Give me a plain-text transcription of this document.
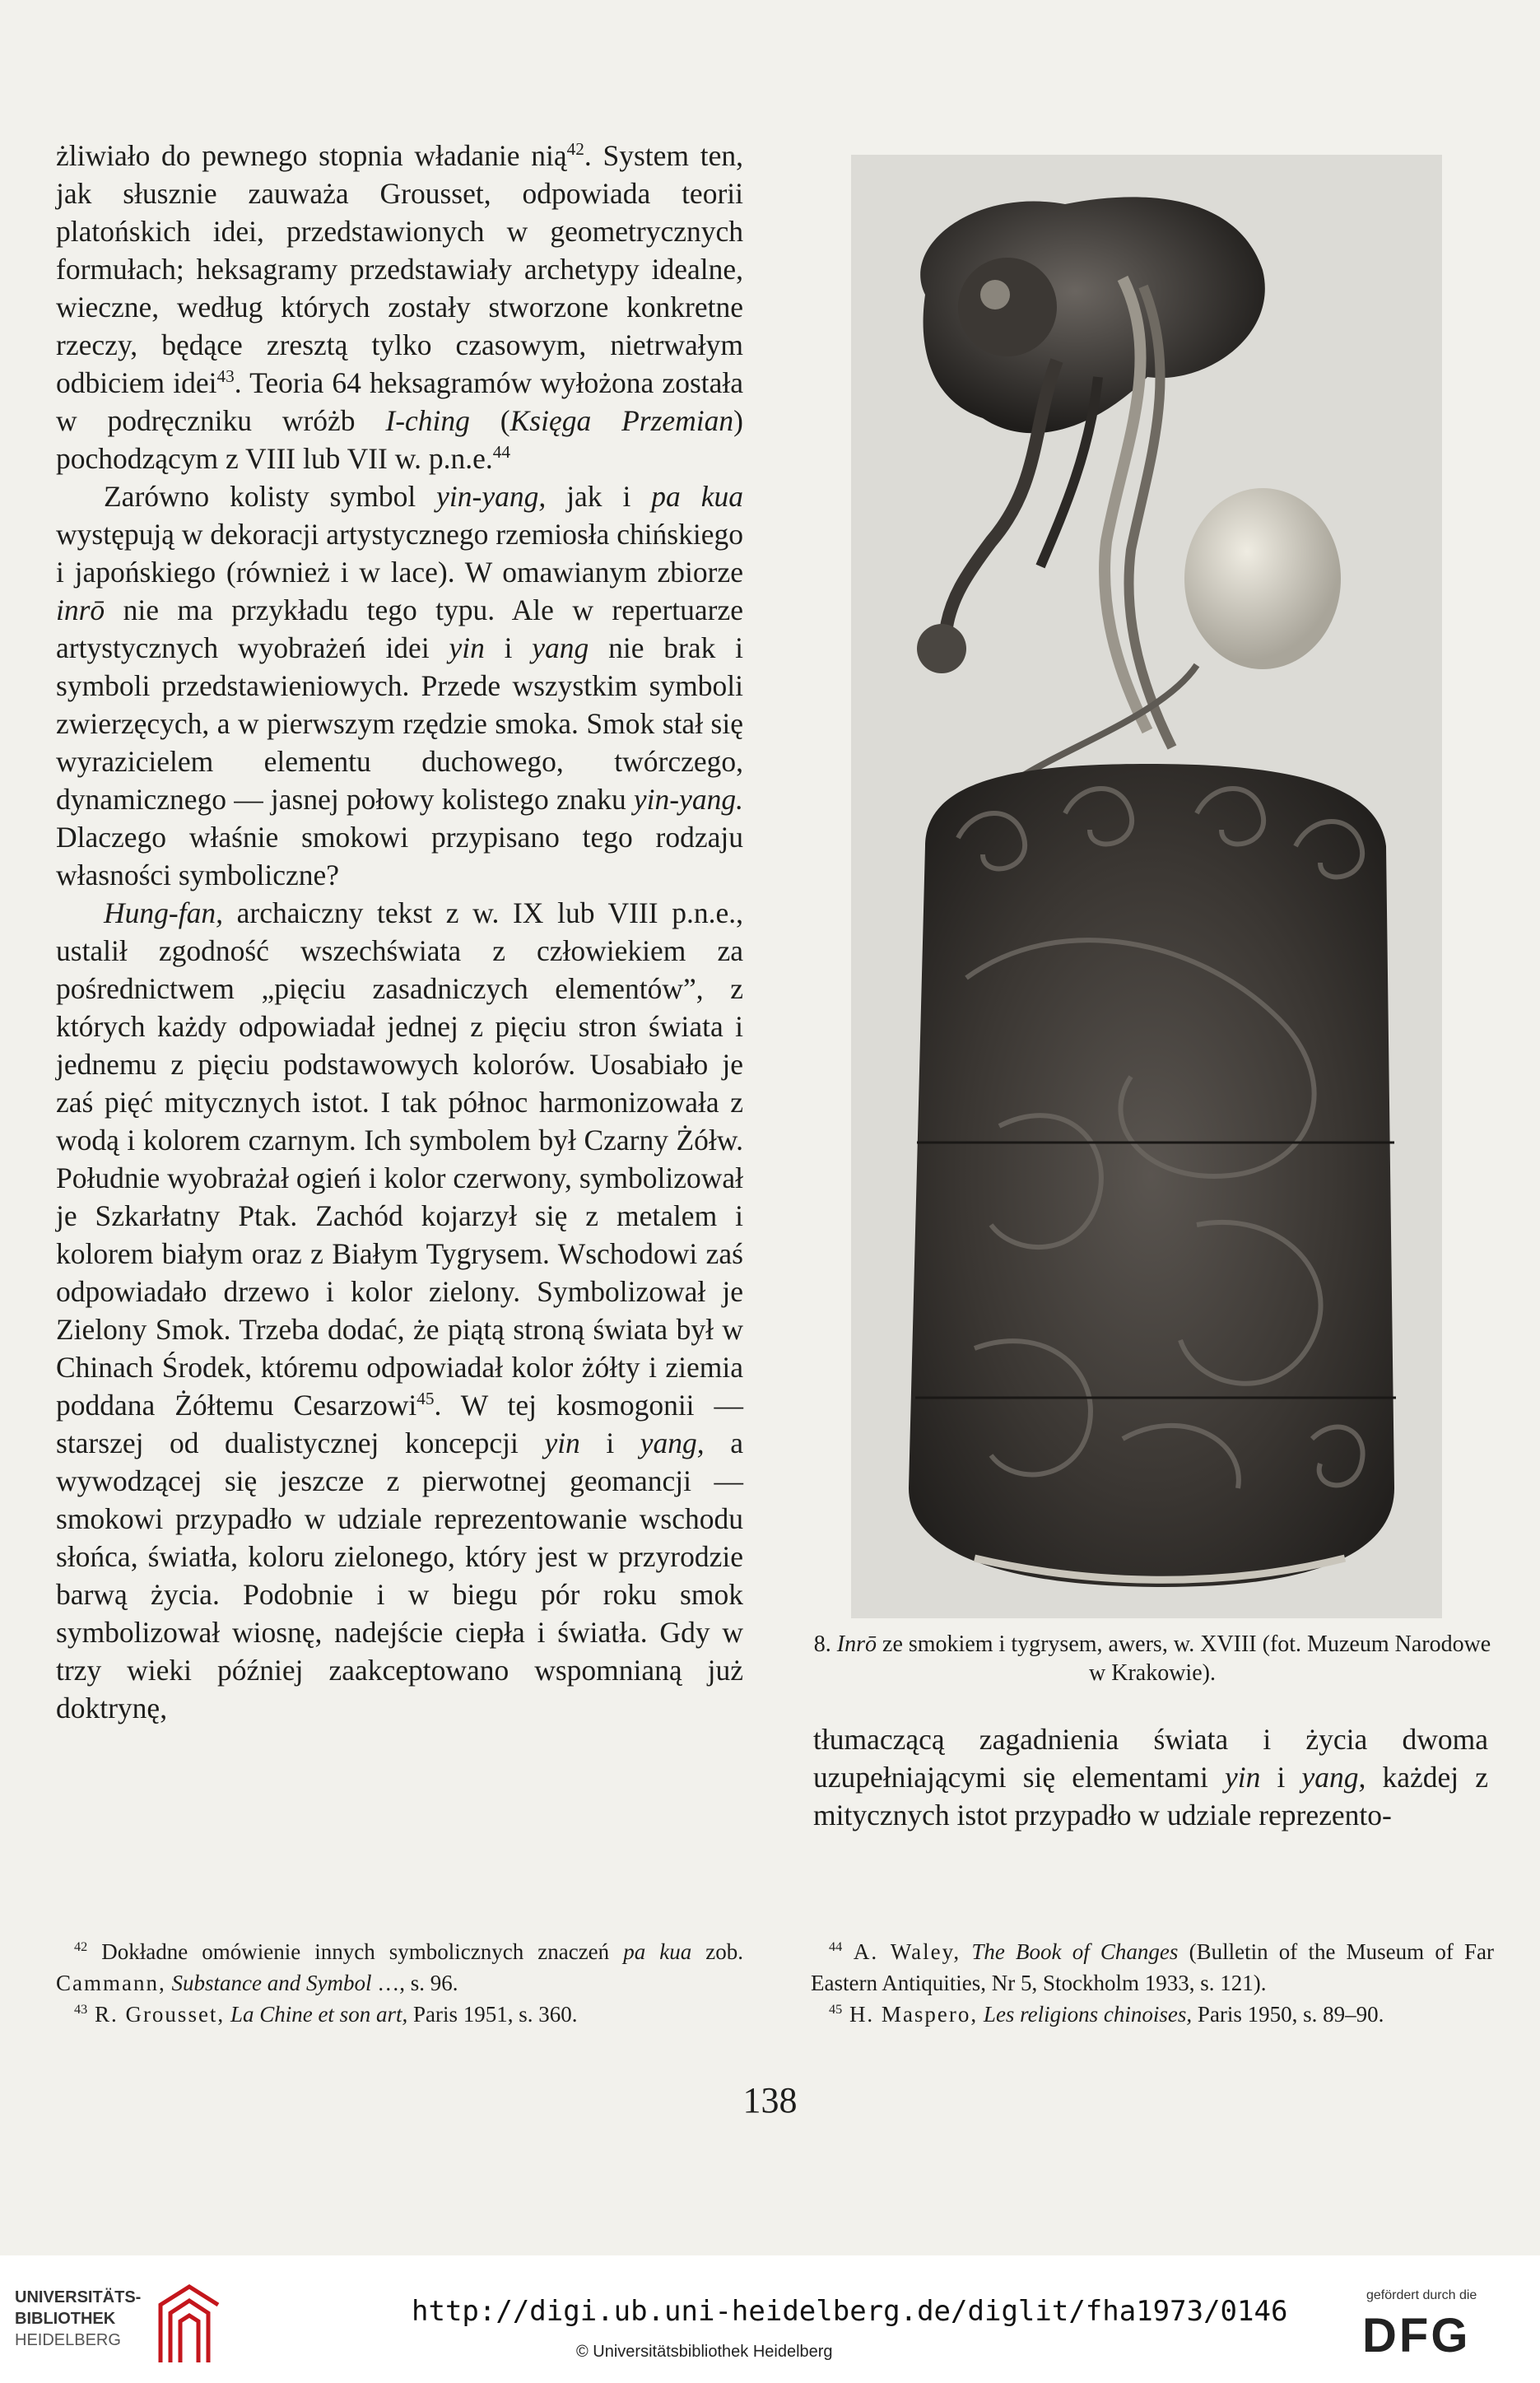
żliwiało do pewnego stopnia władanie nią$^{42}$. System ten, jak słusznie zauważa Grousset, odpowiada teorii platońskich idei, przedstawionych w geometrycznych formułach; heksagramy przedstawiały archetypy idealne, wieczne, według których zostały stworzone konkretne rzeczy, będące zresztą tylko czasowym, nietrwałym odbiciem idei$^{43}$. Teoria 64 heksagramów wyłożona została w podręczniku wróżb I-ching (Księga Przemian) pochodzącym z VIII lub VII w. p.n.e.$^{44}$

Zarówno kolisty symbol yin-yang, jak i pa kua występują w dekoracji artystycznego rzemiosła chińskiego i japońskiego (również i w lace). W omawianym zbiorze inrō nie ma przykładu tego typu. Ale w repertuarze artystycznych wyobrażeń idei yin i yang nie brak i symboli przedstawieniowych. Przede wszystkim symboli zwierzęcych, a w pierwszym rzędzie smoka. Smok stał się wyrazicielem elementu duchowego, twórczego, dynamicznego — jasnej połowy kolistego znaku yin-yang. Dlaczego właśnie smokowi przypisano tego rodzaju własności symboliczne?

Hung-fan, archaiczny tekst z w. IX lub VIII p.n.e., ustalił zgodność wszechświata z człowiekiem za pośrednictwem „pięciu zasadniczych elementów”, z których każdy odpowiadał jednej z pięciu stron świata i jednemu z pięciu podstawowych kolorów. Uosabiało je zaś pięć mitycznych istot. I tak północ harmonizowała z wodą i kolorem czarnym. Ich symbolem był Czarny Żółw. Południe wyobrażał ogień i kolor czerwony, symbolizował je Szkarłatny Ptak. Zachód kojarzył się z metalem i kolorem białym oraz z Białym Tygrysem. Wschodowi zaś odpowiadało drzewo i kolor zielony. Symbolizował je Zielony Smok. Trzeba dodać, że piątą stroną świata był w Chinach Środek, któremu odpowiadał kolor żółty i ziemia poddana Żółtemu Cesarzowi$^{45}$. W tej kosmogonii — starszej od dualistycznej koncepcji yin i yang, a wywodzącej się jeszcze z pierwotnej geomancji — smokowi przypadło w udziale reprezentowanie wschodu słońca, światła, koloru zielonego, który jest w przyrodzie barwą życia. Podobnie i w biegu pór roku smok symbolizował wiosnę, nadejście ciepła i światła. Gdy w trzy wieki później zaakceptowano wspomnianą już doktrynę,

8. Inrō ze smokiem i tygrysem, awers, w. XVIII (fot. Muzeum Narodowe w Krakowie).

tłumaczącą zagadnienia świata i życia dwoma uzupełniającymi się elementami yin i yang, każdej z mitycznych istot przypadło w udziale reprezento-

$^{42}$ Dokładne omówienie innych symbolicznych znaczeń pa kua zob. Cammann, Substance and Symbol …, s. 96.

$^{43}$ R. Grousset, La Chine et son art, Paris 1951, s. 360.

$^{44}$ A. Waley, The Book of Changes (Bulletin of the Museum of Far Eastern Antiquities, Nr 5, Stockholm 1933, s. 121).

$^{45}$ H. Maspero, Les religions chinoises, Paris 1950, s. 89–90.

138
UNIVERSITÄTS-
BIBLIOTHEK
HEIDELBERG
http://digi.ub.uni-heidelberg.de/diglit/fha1973/0146
© Universitätsbibliothek Heidelberg
gefördert durch die
DFG
